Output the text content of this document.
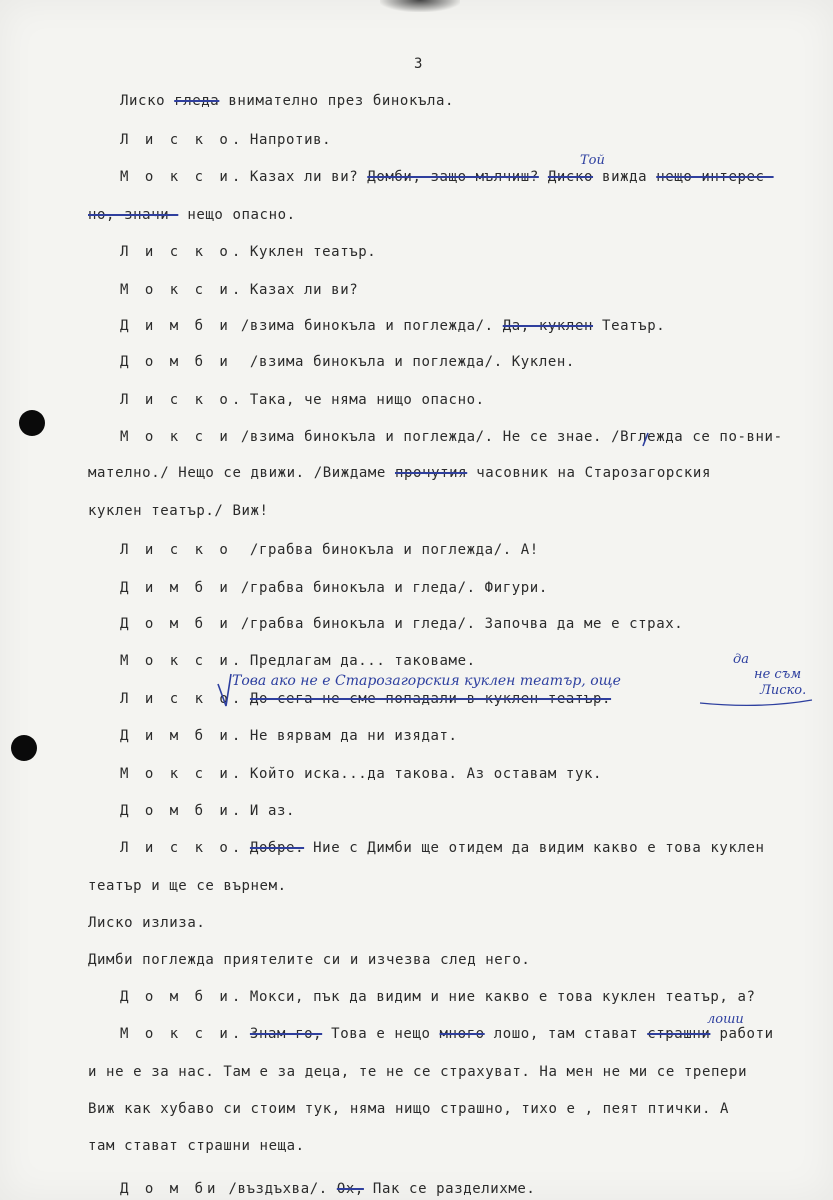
3
Лиско гледа внимателно през бинокъла.
Л и с к о. Напротив.
М о к с и. Казах ли ви? Домби, защо мълчиш? Диско вижда нещо интерес-
но, значи  нещо опасно.
Л и с к о. Куклен театър.
М о к с и. Казах ли ви?
Д и м б и /взима бинокъла и поглежда/. Да, куклен Театър.
Д о м б и  /взима бинокъла и поглежда/. Куклен.
Л и с к о. Така, че няма нищо опасно.
М о к с и /взима бинокъла и поглежда/. Не се знае. /Вглежда се по-вни-
мателно./ Нещо се движи. /Виждаме прочутия часовник на Старозагорския
куклен театър./ Виж!
Л и с к о  /грабва бинокъла и поглежда/. А!
Д и м б и /грабва бинокъла и гледа/. Фигури.
Д о м б и /грабва бинокъла и гледа/. Започва да ме е страх.
М о к с и. Предлагам да... таковаме.
Л и с к о. До сега не сме попадали в куклен театър.
Д и м б и. Не вярвам да ни изядат.
М о к с и. Който иска...да такова. Аз оставам тук.
Д о м б и. И аз.
Л и с к о. Добре. Ние с Димби ще отидем да видим какво е това куклен
театър и ще се върнем.
Лиско излиза.
Димби поглежда приятелите си и изчезва след него.
Д о м б и. Мокси, пък да видим и ние какво е това куклен театър, а?
М о к с и. Знам го, Това е нещо много лошо, там стават страшни работи
и не е за нас. Там е за деца, те не се страхуват. На мен не ми се трепери
Виж как хубаво си стоим тук, няма нищо страшно, тихо е , пеят птички. А
там стават страшни неща.
Д о м би /въздъхва/. Ох, Пак се разделихме.
Той
лоши
Това ако не е Старозагорския куклен театър, още
да
не съм
Лиско.
